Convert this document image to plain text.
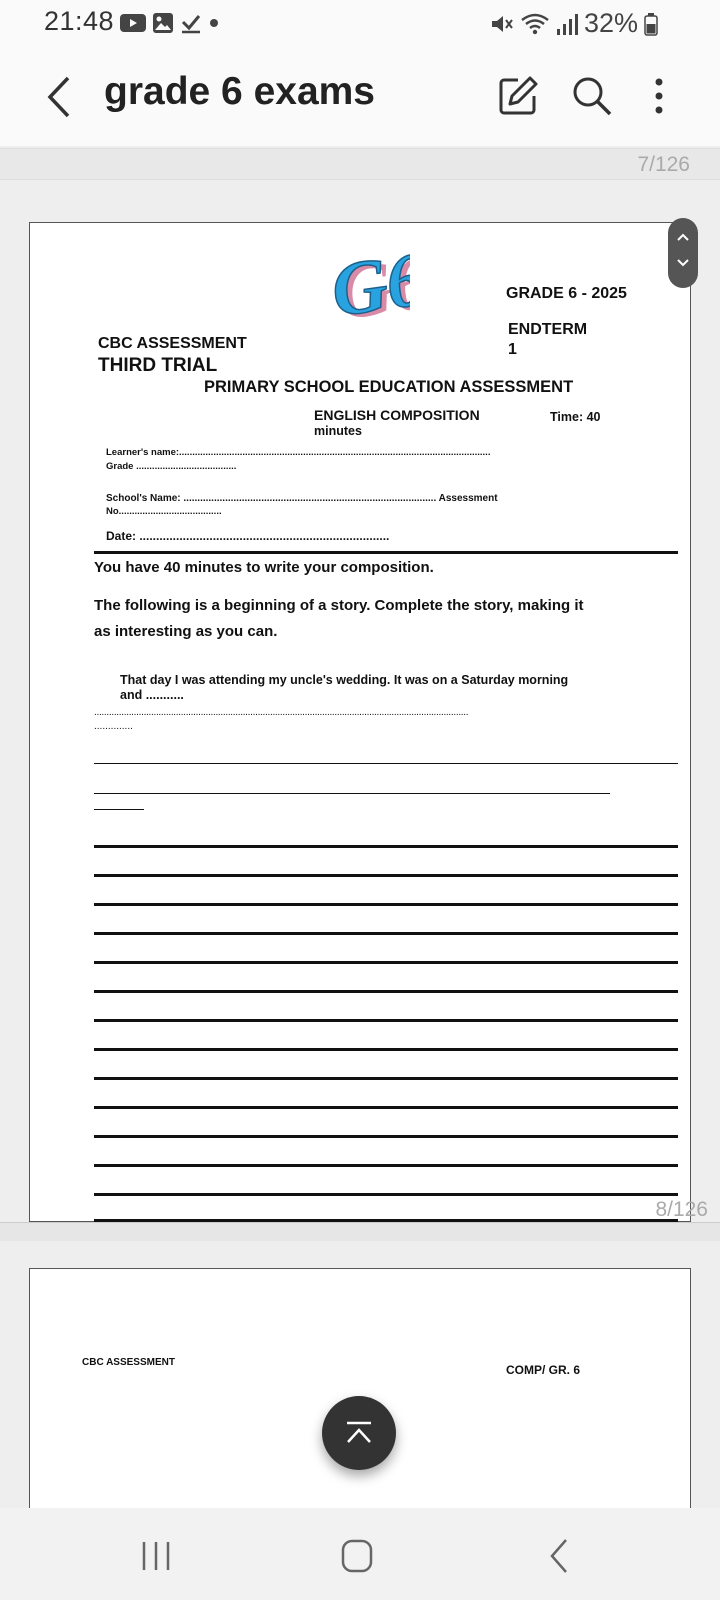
21:48	32%
grade 6 exams
7/126
G6
G6	GRADE 6 - 2025
ENDTERM
1
CBC ASSESSMENT
THIRD TRIAL
PRIMARY SCHOOL EDUCATION ASSESSMENT
ENGLISH COMPOSITION
minutes
Time: 40
Learner's name:......................................................................................................................
Grade ......................................
School's Name: ........................................................................................... Assessment
No.......................................
Date: ...........................................................................
You have 40 minutes to write your composition.
The following is a beginning of a story. Complete the story, making it
as interesting as you can.
That day I was attending my uncle's wedding. It was on a Saturday morning
and ...........
.......................................................................................................................................................
..............
8/126
CBC ASSESSMENT
COMP/ GR. 6
